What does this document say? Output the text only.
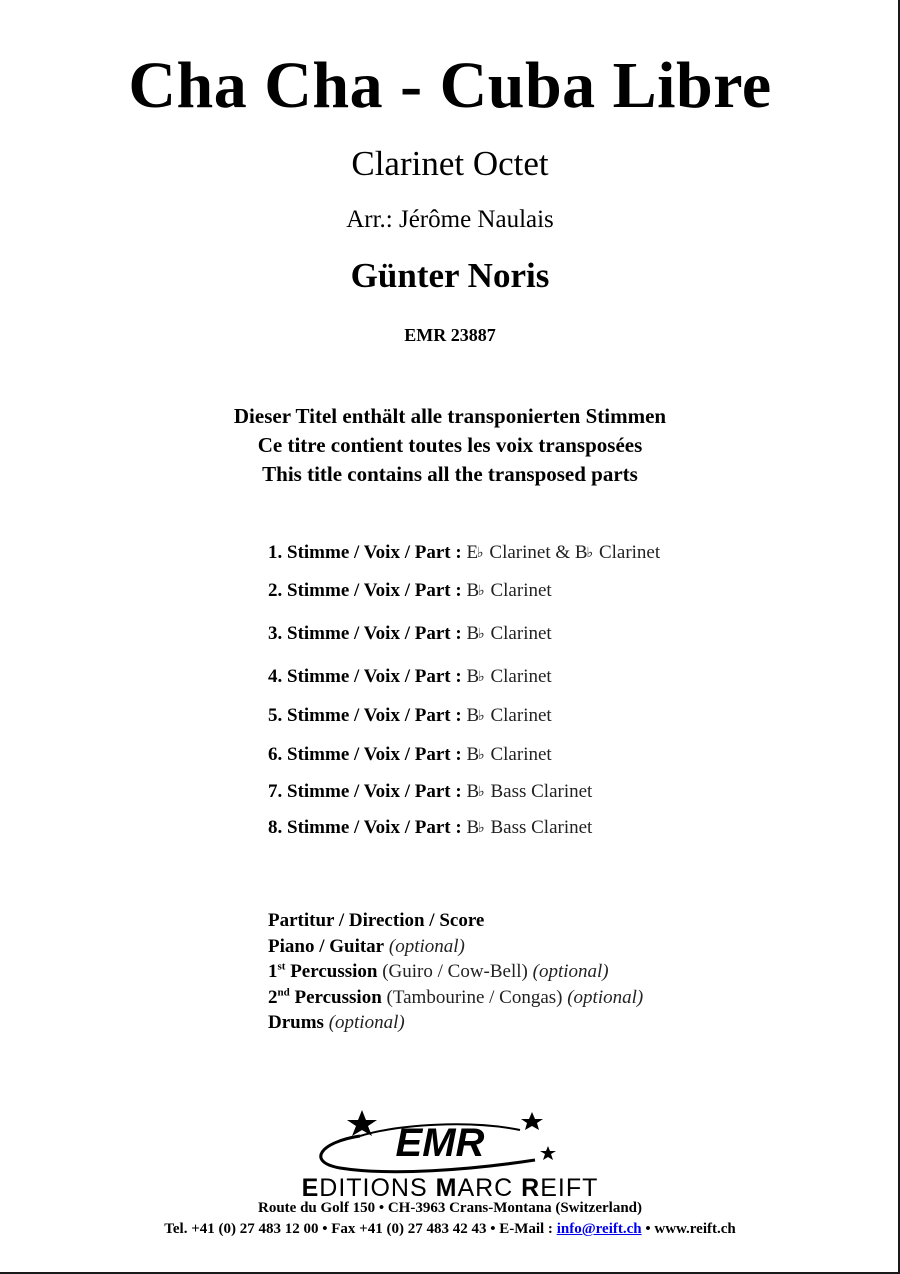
Cha Cha - Cuba Libre
Clarinet Octet
Arr.: Jérôme Naulais
Günter Noris
EMR 23887
Dieser Titel enthält alle transponierten Stimmen
Ce titre contient toutes les voix transposées
This title contains all the transposed parts
1. Stimme / Voix / Part : E♭ Clarinet & B♭ Clarinet
2. Stimme / Voix / Part : B♭ Clarinet
3. Stimme / Voix / Part : B♭ Clarinet
4. Stimme / Voix / Part : B♭ Clarinet
5. Stimme / Voix / Part : B♭ Clarinet
6. Stimme / Voix / Part : B♭ Clarinet
7. Stimme / Voix / Part : B♭ Bass Clarinet
8. Stimme / Voix / Part : B♭ Bass Clarinet
Partitur / Direction / Score
Piano / Guitar (optional)
1st Percussion (Guiro / Cow-Bell) (optional)
2nd Percussion (Tambourine / Congas) (optional)
Drums (optional)
EMR
EDITIONS MARC REIFT
Route du Golf 150 • CH-3963 Crans-Montana (Switzerland)
Tel. +41 (0) 27 483 12 00 • Fax +41 (0) 27 483 42 43 • E-Mail : info@reift.ch • www.reift.ch
